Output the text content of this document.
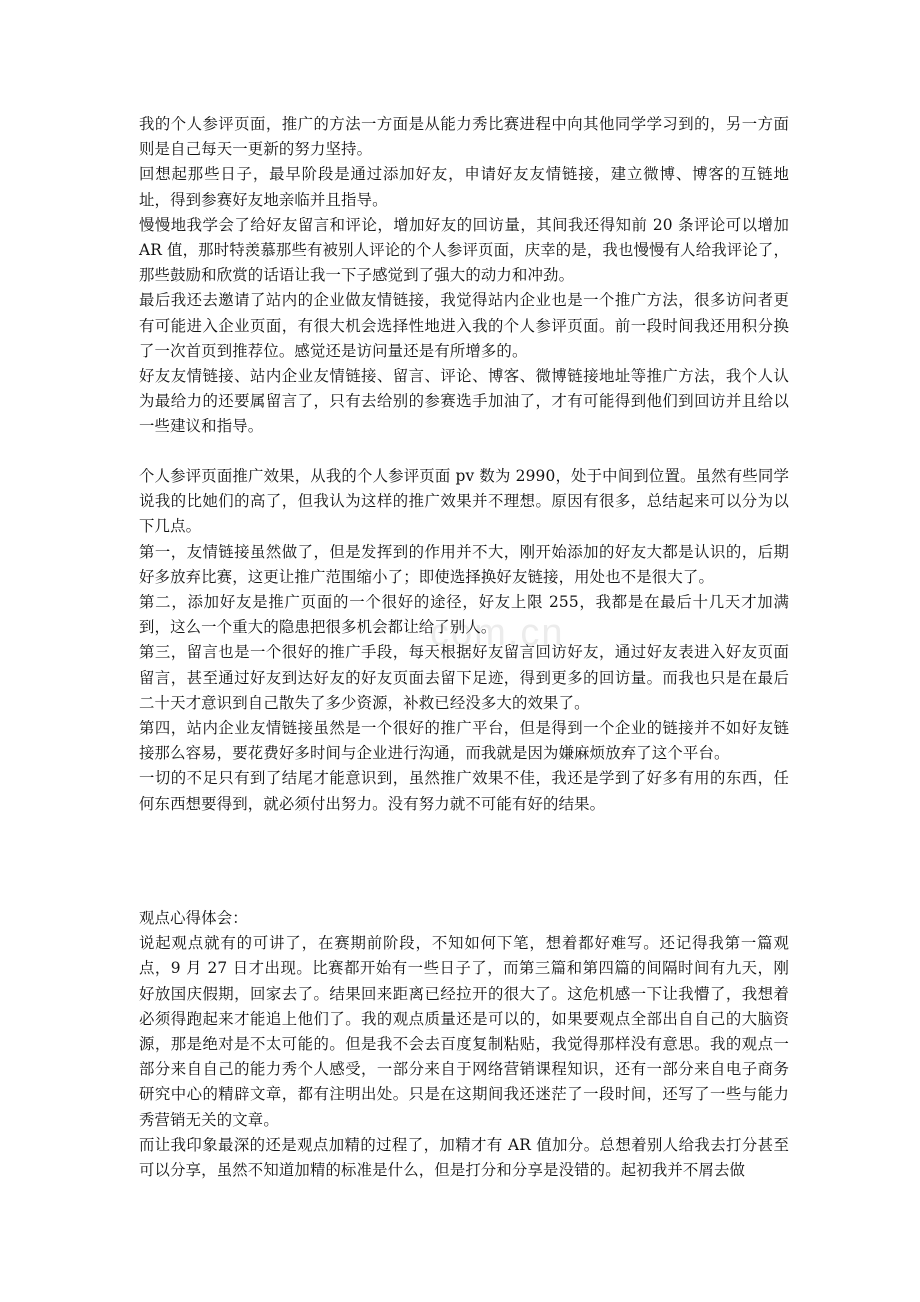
com.cn
我的个人参评页面，推广的方法一方面是从能力秀比赛进程中向其他同学学习到的，另一方面则是自己每天一更新的努力坚持。
回想起那些日子，最早阶段是通过添加好友，申请好友友情链接，建立微博、博客的互链地址，得到参赛好友地亲临并且指导。
慢慢地我学会了给好友留言和评论，增加好友的回访量，其间我还得知前 20 条评论可以增加 AR 值，那时特羡慕那些有被别人评论的个人参评页面，庆幸的是，我也慢慢有人给我评论了，那些鼓励和欣赏的话语让我一下子感觉到了强大的动力和冲劲。
最后我还去邀请了站内的企业做友情链接，我觉得站内企业也是一个推广方法，很多访问者更有可能进入企业页面，有很大机会选择性地进入我的个人参评页面。前一段时间我还用积分换了一次首页到推荐位。感觉还是访问量还是有所增多的。
好友友情链接、站内企业友情链接、留言、评论、博客、微博链接地址等推广方法，我个人认为最给力的还要属留言了，只有去给别的参赛选手加油了，才有可能得到他们到回访并且给以一些建议和指导。
个人参评页面推广效果，从我的个人参评页面 pv 数为 2990，处于中间到位置。虽然有些同学说我的比她们的高了，但我认为这样的推广效果并不理想。原因有很多，总结起来可以分为以下几点。
第一，友情链接虽然做了，但是发挥到的作用并不大，刚开始添加的好友大都是认识的，后期好多放弃比赛，这更让推广范围缩小了；即使选择换好友链接，用处也不是很大了。
第二，添加好友是推广页面的一个很好的途径，好友上限 255，我都是在最后十几天才加满到，这么一个重大的隐患把很多机会都让给了别人。
第三，留言也是一个很好的推广手段，每天根据好友留言回访好友，通过好友表进入好友页面留言，甚至通过好友到达好友的好友页面去留下足迹，得到更多的回访量。而我也只是在最后二十天才意识到自己散失了多少资源，补救已经没多大的效果了。
第四，站内企业友情链接虽然是一个很好的推广平台，但是得到一个企业的链接并不如好友链接那么容易，要花费好多时间与企业进行沟通，而我就是因为嫌麻烦放弃了这个平台。
一切的不足只有到了结尾才能意识到，虽然推广效果不佳，我还是学到了好多有用的东西，任何东西想要得到，就必须付出努力。没有努力就不可能有好的结果。
观点心得体会：
说起观点就有的可讲了，在赛期前阶段，不知如何下笔，想着都好难写。还记得我第一篇观点，9 月 27 日才出现。比赛都开始有一些日子了，而第三篇和第四篇的间隔时间有九天，刚好放国庆假期，回家去了。结果回来距离已经拉开的很大了。这危机感一下让我懵了，我想着必须得跑起来才能追上他们了。我的观点质量还是可以的，如果要观点全部出自自己的大脑资源，那是绝对是不太可能的。但是我不会去百度复制粘贴，我觉得那样没有意思。我的观点一部分来自自己的能力秀个人感受，一部分来自于网络营销课程知识，还有一部分来自电子商务研究中心的精辟文章，都有注明出处。只是在这期间我还迷茫了一段时间，还写了一些与能力秀营销无关的文章。
而让我印象最深的还是观点加精的过程了，加精才有 AR 值加分。总想着别人给我去打分甚至可以分享，虽然不知道加精的标准是什么，但是打分和分享是没错的。起初我并不屑去做
